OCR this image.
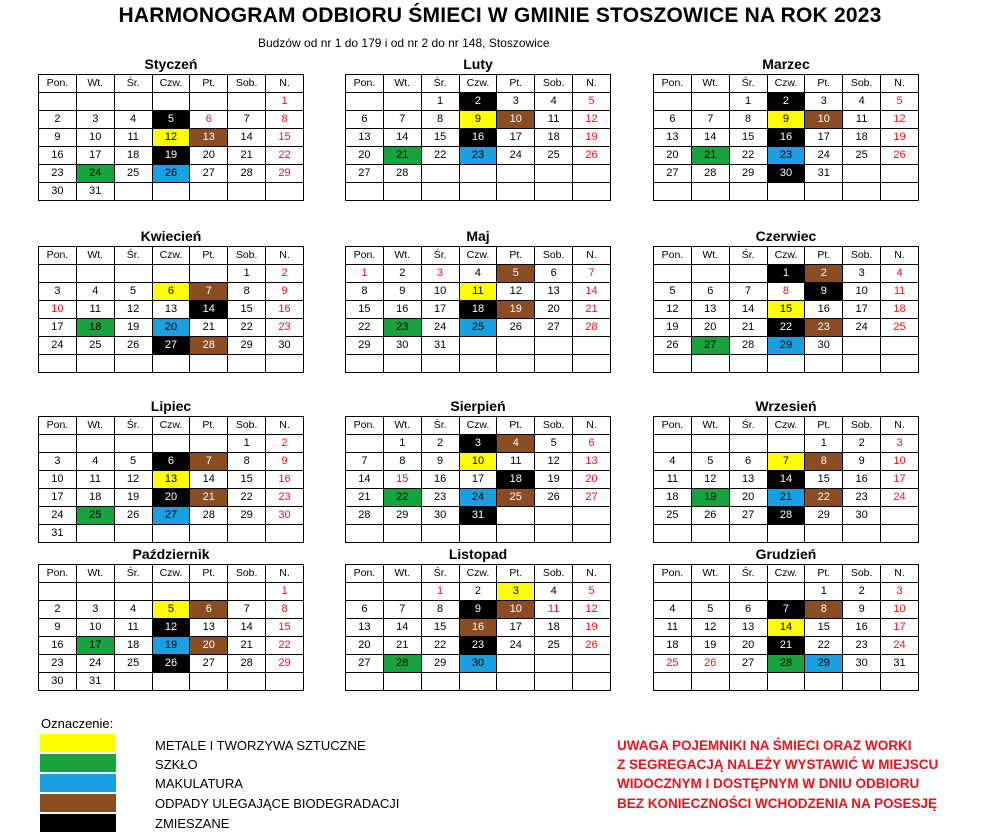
HARMONOGRAM ODBIORU ŚMIECI W GMINIE STOSZOWICE NA ROK 2023
Budzów od nr 1 do 179 i od nr 2 do nr 148, Stoszowice
Styczeń
Pon.	Wt.	Śr.	Czw.	Pt.	Sob.	N.
						1
2	3	4	5	6	7	8
9	10	11	12	13	14	15
16	17	18	19	20	21	22
23	24	25	26	27	28	29
30	31					
Luty
Pon.	Wt.	Śr.	Czw.	Pt.	Sob.	N.
		1	2	3	4	5
6	7	8	9	10	11	12
13	14	15	16	17	18	19
20	21	22	23	24	25	26
27	28					

Marzec
Pon.	Wt.	Śr.	Czw.	Pt.	Sob.	N.
		1	2	3	4	5
6	7	8	9	10	11	12
13	14	15	16	17	18	19
20	21	22	23	24	25	26
27	28	29	30	31		

Kwiecień
Pon.	Wt.	Śr.	Czw.	Pt.	Sob.	N.
					1	2
3	4	5	6	7	8	9
10	11	12	13	14	15	16
17	18	19	20	21	22	23
24	25	26	27	28	29	30

Maj
Pon.	Wt.	Śr.	Czw.	Pt.	Sob.	N.
1	2	3	4	5	6	7
8	9	10	11	12	13	14
15	16	17	18	19	20	21
22	23	24	25	26	27	28
29	30	31				

Czerwiec
Pon.	Wt.	Śr.	Czw.	Pt.	Sob.	N.
			1	2	3	4
5	6	7	8	9	10	11
12	13	14	15	16	17	18
19	20	21	22	23	24	25
26	27	28	29	30		

Lipiec
Pon.	Wt.	Śr.	Czw.	Pt.	Sob.	N.
					1	2
3	4	5	6	7	8	9
10	11	12	13	14	15	16
17	18	19	20	21	22	23
24	25	26	27	28	29	30
31						
Sierpień
Pon.	Wt.	Śr.	Czw.	Pt.	Sob.	N.
	1	2	3	4	5	6
7	8	9	10	11	12	13
14	15	16	17	18	19	20
21	22	23	24	25	26	27
28	29	30	31			

Wrzesień
Pon.	Wt.	Śr.	Czw.	Pt.	Sob.	N.
				1	2	3
4	5	6	7	8	9	10
11	12	13	14	15	16	17
18	19	20	21	22	23	24
25	26	27	28	29	30	

Październik
Pon.	Wt.	Śr.	Czw.	Pt.	Sob.	N.
						1
2	3	4	5	6	7	8
9	10	11	12	13	14	15
16	17	18	19	20	21	22
23	24	25	26	27	28	29
30	31					
Listopad
Pon.	Wt.	Śr.	Czw.	Pt.	Sob.	N.
		1	2	3	4	5
6	7	8	9	10	11	12
13	14	15	16	17	18	19
20	21	22	23	24	25	26
27	28	29	30			

Grudzień
Pon.	Wt.	Śr.	Czw.	Pt.	Sob.	N.
				1	2	3
4	5	6	7	8	9	10
11	12	13	14	15	16	17
18	19	20	21	22	23	24
25	26	27	28	29	30	31

Oznaczenie:
METALE I TWORZYWA SZTUCZNE
SZKŁO
MAKULATURA
ODPADY ULEGAJĄCE BIODEGRADACJI
ZMIESZANE
UWAGA POJEMNIKI NA ŚMIECI ORAZ WORKI
Z SEGREGACJĄ NALEŻY WYSTAWIĆ W MIEJSCU
WIDOCZNYM I DOSTĘPNYM W DNIU ODBIORU
BEZ KONIECZNOŚCI WCHODZENIA NA POSESJĘ
